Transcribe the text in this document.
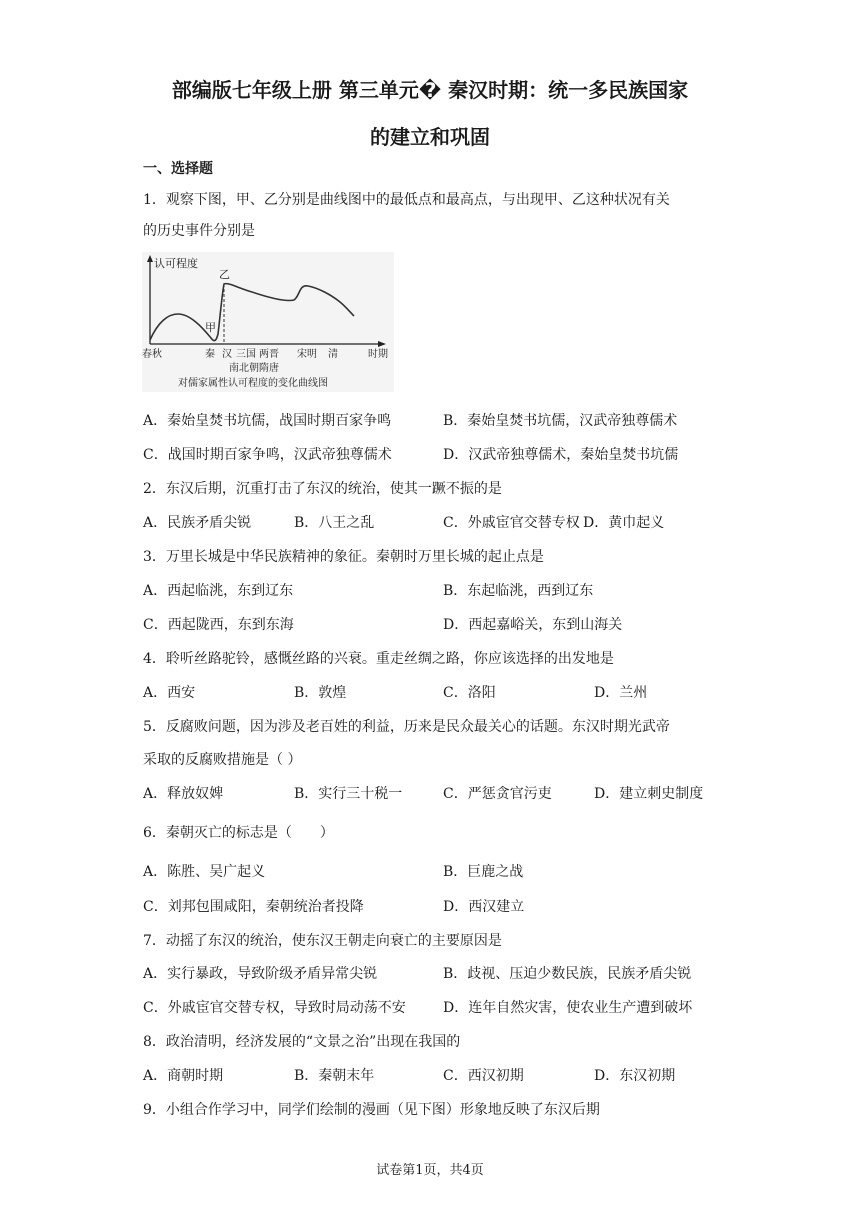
部编版七年级上册 第三单元� 秦汉时期：统一多民族国家
的建立和巩固
一、选择题
1．观察下图，甲、乙分别是曲线图中的最低点和最高点，与出现甲、乙这种状况有关
的历史事件分别是
认可程度
乙
甲
春秋	秦 汉 三国 两晋 宋明 清	时期
南北朝隋唐
对儒家属性认可程度的变化曲线图
A．秦始皇焚书坑儒，战国时期百家争鸣	B．秦始皇焚书坑儒，汉武帝独尊儒术
C．战国时期百家争鸣，汉武帝独尊儒术	D．汉武帝独尊儒术，秦始皇焚书坑儒
2．东汉后期，沉重打击了东汉的统治，使其一蹶不振的是
A．民族矛盾尖锐	B．八王之乱	C．外戚宦官交替专权 D．黄巾起义
3．万里长城是中华民族精神的象征。秦朝时万里长城的起止点是
A．西起临洮，东到辽东	B．东起临洮，西到辽东
C．西起陇西，东到东海	D．西起嘉峪关，东到山海关
4．聆听丝路驼铃，感慨丝路的兴衰。重走丝绸之路，你应该选择的出发地是
A．西安	B．敦煌	C．洛阳	D．兰州
5．反腐败问题，因为涉及老百姓的利益，历来是民众最关心的话题。东汉时期光武帝
采取的反腐败措施是（ ）
A．释放奴婢	B．实行三十税一	C．严惩贪官污吏	D．建立刺史制度
6．秦朝灭亡的标志是（　　）
A．陈胜、吴广起义	B．巨鹿之战
C．刘邦包围咸阳，秦朝统治者投降	D．西汉建立
7．动摇了东汉的统治，使东汉王朝走向衰亡的主要原因是
A．实行暴政，导致阶级矛盾异常尖锐	B．歧视、压迫少数民族，民族矛盾尖锐
C．外戚宦官交替专权，导致时局动荡不安	D．连年自然灾害，使农业生产遭到破坏
8．政治清明，经济发展的“文景之治”出现在我国的
A．商朝时期	B．秦朝末年	C．西汉初期	D．东汉初期
9．小组合作学习中，同学们绘制的漫画（见下图）形象地反映了东汉后期
试卷第1页，共4页
